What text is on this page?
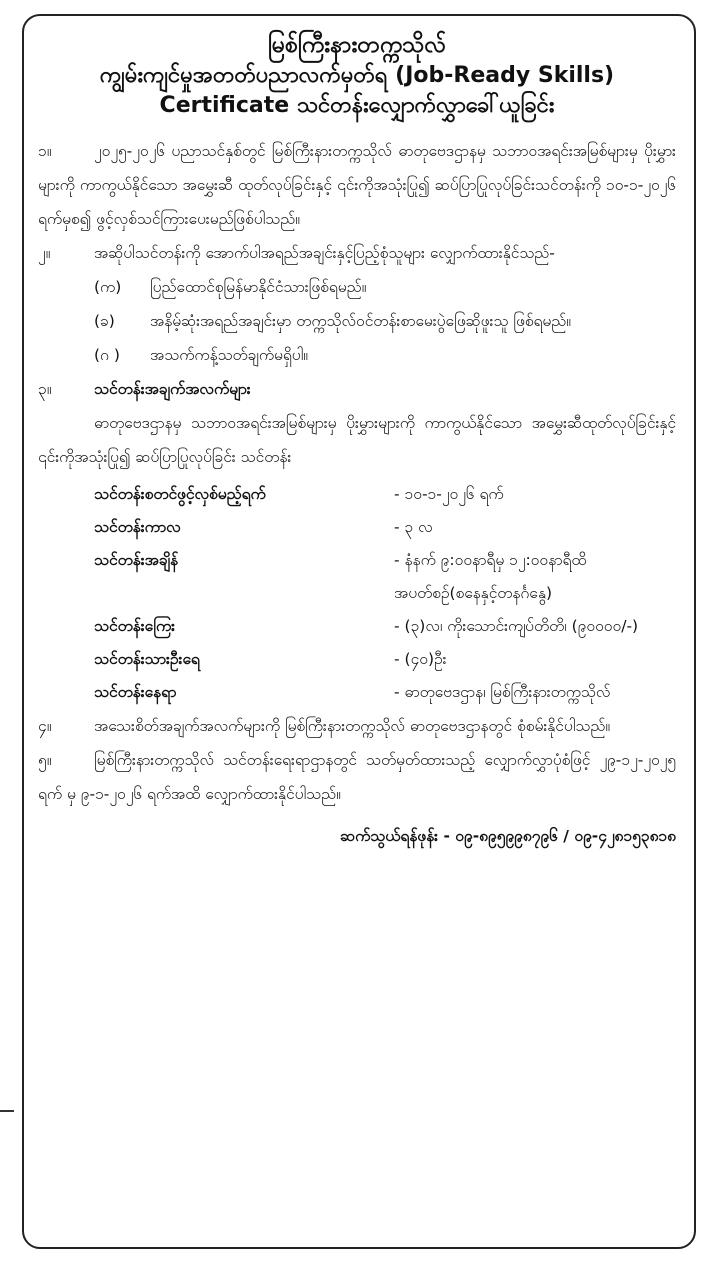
မြစ်ကြီးနားတက္ကသိုလ်

ကျွမ်းကျင်မှုအတတ်ပညာလက်မှတ်ရ (Job-Ready Skills)

Certificate သင်တန်းလျှောက်လွှာခေါ်ယူခြင်း

၁။	၂၀၂၅-၂၀၂၆ ပညာသင်နှစ်တွင် မြစ်ကြီးနားတက္ကသိုလ် ဓာတုဗေဒဌာနမှ သဘာဝအရင်းအမြစ်များမှ ပိုးမွှားများကို ကာကွယ်နိုင်သော အမွှေးဆီ ထုတ်လုပ်ခြင်းနှင့် ၎င်းကိုအသုံးပြု၍ ဆပ်ပြာပြုလုပ်ခြင်းသင်တန်းကို ၁၀-၁-၂၀၂၆ ရက်မှစ၍ ဖွင့်လှစ်သင်ကြားပေးမည်ဖြစ်ပါသည်။

၂။	အဆိုပါသင်တန်းကို အောက်ပါအရည်အချင်းနှင့်ပြည့်စုံသူများ လျှောက်ထားနိုင်သည်-

(က)	ပြည်ထောင်စုမြန်မာနိုင်ငံသားဖြစ်ရမည်။
(ခ)	အနိမ့်ဆုံးအရည်အချင်းမှာ တက္ကသိုလ်ဝင်တန်းစာမေးပွဲဖြေဆိုဖူးသူ ဖြစ်ရမည်။
(ဂ )	အသက်ကန့်သတ်ချက်မရှိပါ။

၃။	သင်တန်းအချက်အလက်များ

ဓာတုဗေဒဌာနမှ သဘာဝအရင်းအမြစ်များမှ ပိုးမွှားများကို ကာကွယ်နိုင်သော အမွှေးဆီထုတ်လုပ်ခြင်းနှင့် ၎င်းကိုအသုံးပြု၍ ဆပ်ပြာပြုလုပ်ခြင်း သင်တန်း

သင်တန်းစတင်ဖွင့်လှစ်မည့်ရက်	- ၁၀-၁-၂၀၂၆ ရက်
သင်တန်းကာလ	- ၃ လ
သင်တန်းအချိန်	- နံနက် ၉:၀၀နာရီမှ ၁၂:၀၀နာရီထိ အပတ်စဉ်(စနေနှင့်တနင်္ဂနွေ)
သင်တန်းကြေး	- (၃)လ၊ ကိုးသောင်းကျပ်တိတိ၊ (၉၀၀၀၀/-)
သင်တန်းသားဦးရေ	- (၄၀)ဦး
သင်တန်းနေရာ	- ဓာတုဗေဒဌာန၊ မြစ်ကြီးနားတက္ကသိုလ်

၄။	အသေးစိတ်အချက်အလက်များကို မြစ်ကြီးနားတက္ကသိုလ် ဓာတုဗေဒဌာနတွင် စုံစမ်းနိုင်ပါသည်။

၅။	မြစ်ကြီးနားတက္ကသိုလ် သင်တန်းရေးရာဌာနတွင် သတ်မှတ်ထားသည့် လျှောက်လွှာပုံစံဖြင့် ၂၉-၁၂-၂၀၂၅ ရက် မှ ၉-၁-၂၀၂၆ ရက်အထိ လျှောက်ထားနိုင်ပါသည်။

ဆက်သွယ်ရန်ဖုန်း - ၀၉-၈၉၅၉၉၈၇၉၆ / ၀၉-၄၂၈၁၅၃၈၁၈
